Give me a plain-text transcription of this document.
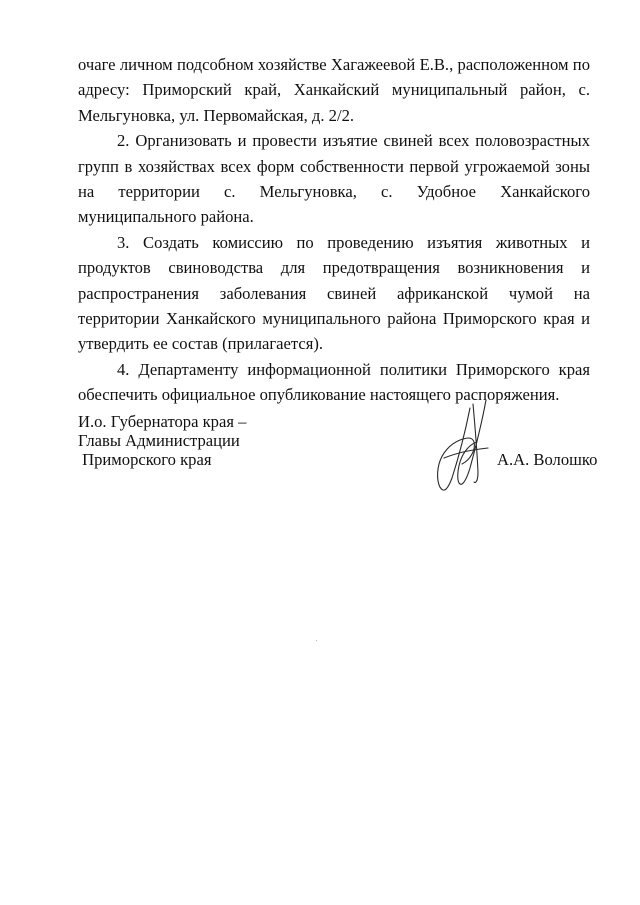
очаге личном подсобном хозяйстве Хагажеевой Е.В., расположенном по адресу: Приморский край, Ханкайский муниципальный район, с. Мельгуновка, ул. Первомайская, д. 2/2.

2. Организовать и провести изъятие свиней всех половозрастных групп в хозяйствах всех форм собственности первой угрожаемой зоны на территории с. Мельгуновка, с. Удобное Ханкайского муниципального района.

3. Создать комиссию по проведению изъятия животных и продуктов свиноводства для предотвращения возникновения и распространения заболевания свиней африканской чумой на территории Ханкайского муниципального района Приморского края и утвердить ее состав (прилагается).

4. Департаменту информационной политики Приморского края обеспечить официальное опубликование настоящего распоряжения.

И.о. Губернатора края –
Главы Администрации
Приморского края	А.А. Волошко
